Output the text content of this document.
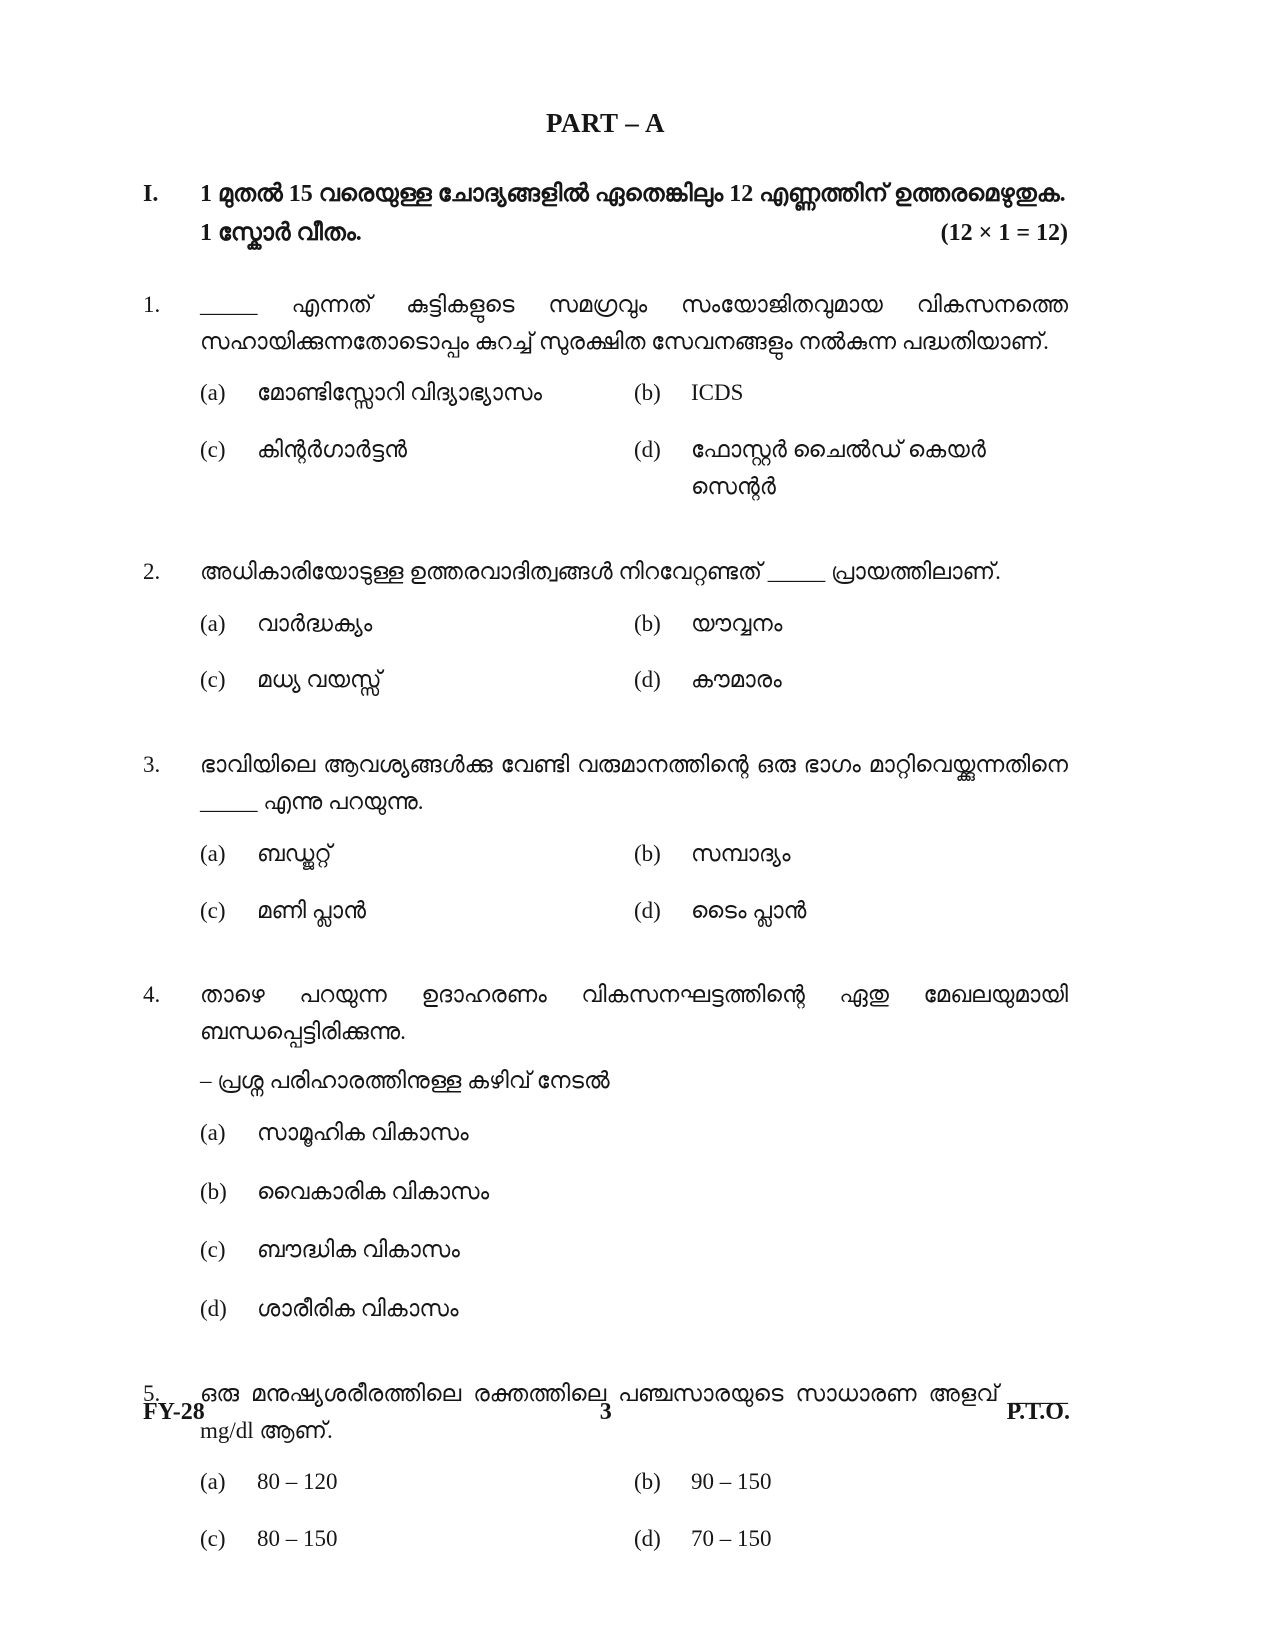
PART – A
I.	1 മുതൽ 15 വരെയുള്ള ചോദ്യങ്ങളിൽ ഏതെങ്കിലും 12 എണ്ണത്തിന് ഉത്തരമെഴുതുക.
1 സ്കോർ വീതം.	(12 × 1 = 12)
1.	_____ എന്നത് കുട്ടികളുടെ സമഗ്രവും സംയോജിതവുമായ വികസനത്തെ
സഹായിക്കുന്നതോടൊപ്പം കുറച്ച് സുരക്ഷിത സേവനങ്ങളും നൽകുന്ന പദ്ധതിയാണ്.
(a)	മോണ്ടിസ്സോറി വിദ്യാഭ്യാസം	(b)	ICDS
(c)	കിന്റർഗാർട്ടൻ	(d)	ഫോസ്റ്റർ ചൈൽഡ് കെയർ സെന്റർ
2.	അധികാരിയോടുള്ള ഉത്തരവാദിത്വങ്ങൾ നിറവേറ്റണ്ടത് _____ പ്രായത്തിലാണ്.
(a)	വാർദ്ധക്യം	(b)	യൗവ്വനം
(c)	മധ്യ വയസ്സ്	(d)	കൗമാരം
3.	ഭാവിയിലെ ആവശ്യങ്ങൾക്കു വേണ്ടി വരുമാനത്തിന്റെ ഒരു ഭാഗം മാറ്റിവെയ്ക്കുന്നതിനെ
_____ എന്നു പറയുന്നു.
(a)	ബഡ്ജറ്റ്	(b)	സമ്പാദ്യം
(c)	മണി പ്ലാൻ	(d)	ടൈം പ്ലാൻ
4.	താഴെ പറയുന്ന ഉദാഹരണം വികസനഘട്ടത്തിന്റെ ഏതു മേഖലയുമായി
ബന്ധപ്പെട്ടിരിക്കുന്നു.
– പ്രശ്ന പരിഹാരത്തിനുള്ള കഴിവ് നേടൽ
(a)	സാമൂഹിക വികാസം
(b)	വൈകാരിക വികാസം
(c)	ബൗദ്ധിക വികാസം
(d)	ശാരീരിക വികാസം
5.	ഒരു മനുഷ്യശരീരത്തിലെ രക്തത്തിലെ പഞ്ചസാരയുടെ സാധാരണ അളവ് _____
mg/dl ആണ്.
(a)	80 – 120	(b)	90 – 150
(c)	80 – 150	(d)	70 – 150
FY-28	3	P.T.O.
